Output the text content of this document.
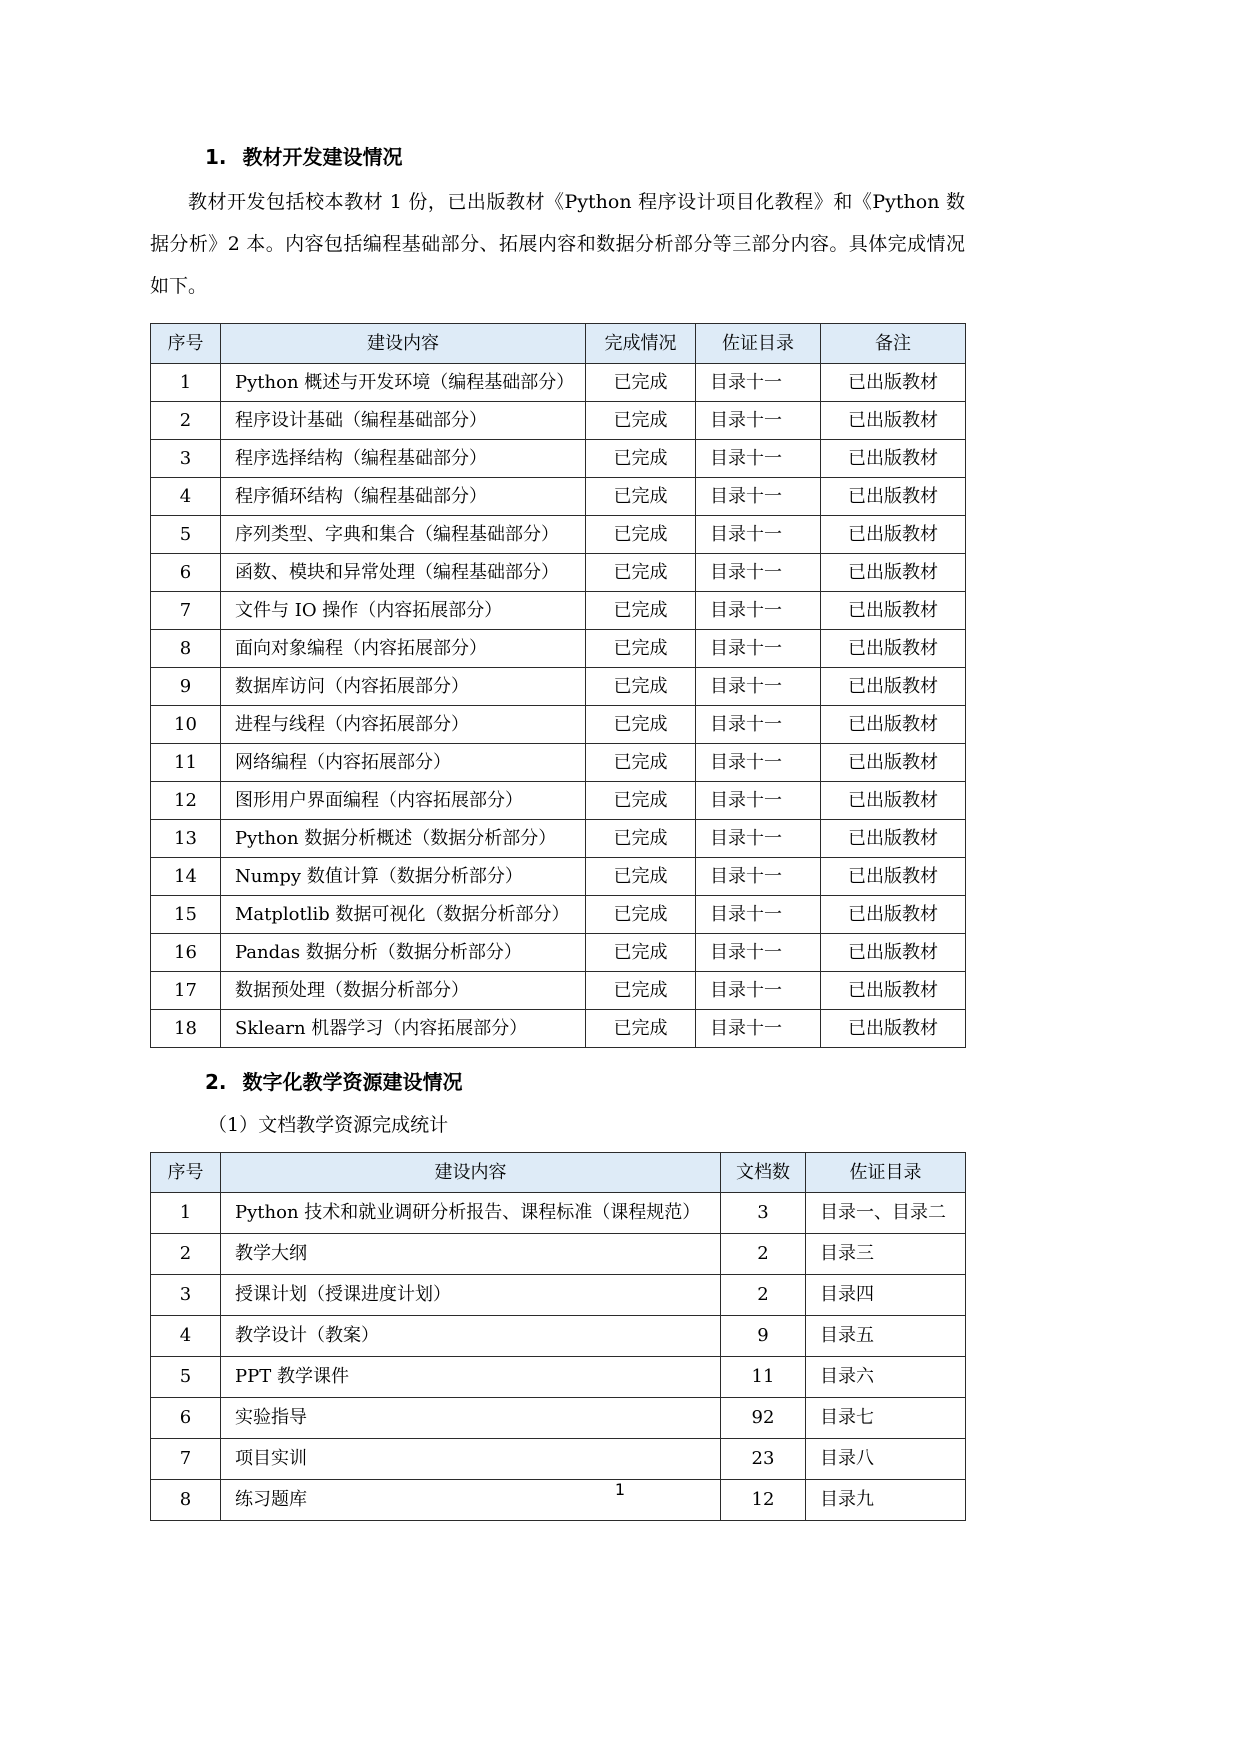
1. 教材开发建设情况

教材开发包括校本教材 1 份，已出版教材《Python 程序设计项目化教程》和《Python 数据分析》2 本。内容包括编程基础部分、拓展内容和数据分析部分等三部分内容。具体完成情况如下。

序号	建设内容	完成情况	佐证目录	备注
1	Python 概述与开发环境（编程基础部分）	已完成	目录十一	已出版教材
2	程序设计基础（编程基础部分）	已完成	目录十一	已出版教材
3	程序选择结构（编程基础部分）	已完成	目录十一	已出版教材
4	程序循环结构（编程基础部分）	已完成	目录十一	已出版教材
5	序列类型、字典和集合（编程基础部分）	已完成	目录十一	已出版教材
6	函数、模块和异常处理（编程基础部分）	已完成	目录十一	已出版教材
7	文件与 IO 操作（内容拓展部分）	已完成	目录十一	已出版教材
8	面向对象编程（内容拓展部分）	已完成	目录十一	已出版教材
9	数据库访问（内容拓展部分）	已完成	目录十一	已出版教材
10	进程与线程（内容拓展部分）	已完成	目录十一	已出版教材
11	网络编程（内容拓展部分）	已完成	目录十一	已出版教材
12	图形用户界面编程（内容拓展部分）	已完成	目录十一	已出版教材
13	Python 数据分析概述（数据分析部分）	已完成	目录十一	已出版教材
14	Numpy 数值计算（数据分析部分）	已完成	目录十一	已出版教材
15	Matplotlib 数据可视化（数据分析部分）	已完成	目录十一	已出版教材
16	Pandas 数据分析（数据分析部分）	已完成	目录十一	已出版教材
17	数据预处理（数据分析部分）	已完成	目录十一	已出版教材
18	Sklearn 机器学习（内容拓展部分）	已完成	目录十一	已出版教材
2. 数字化教学资源建设情况

（1）文档教学资源完成统计

序号	建设内容	文档数	佐证目录
1	Python 技术和就业调研分析报告、课程标准（课程规范）	3	目录一、目录二
2	教学大纲	2	目录三
3	授课计划（授课进度计划）	2	目录四
4	教学设计（教案）	9	目录五
5	PPT 教学课件	11	目录六
6	实验指导	92	目录七
7	项目实训	23	目录八
8	练习题库	12	目录九
1
